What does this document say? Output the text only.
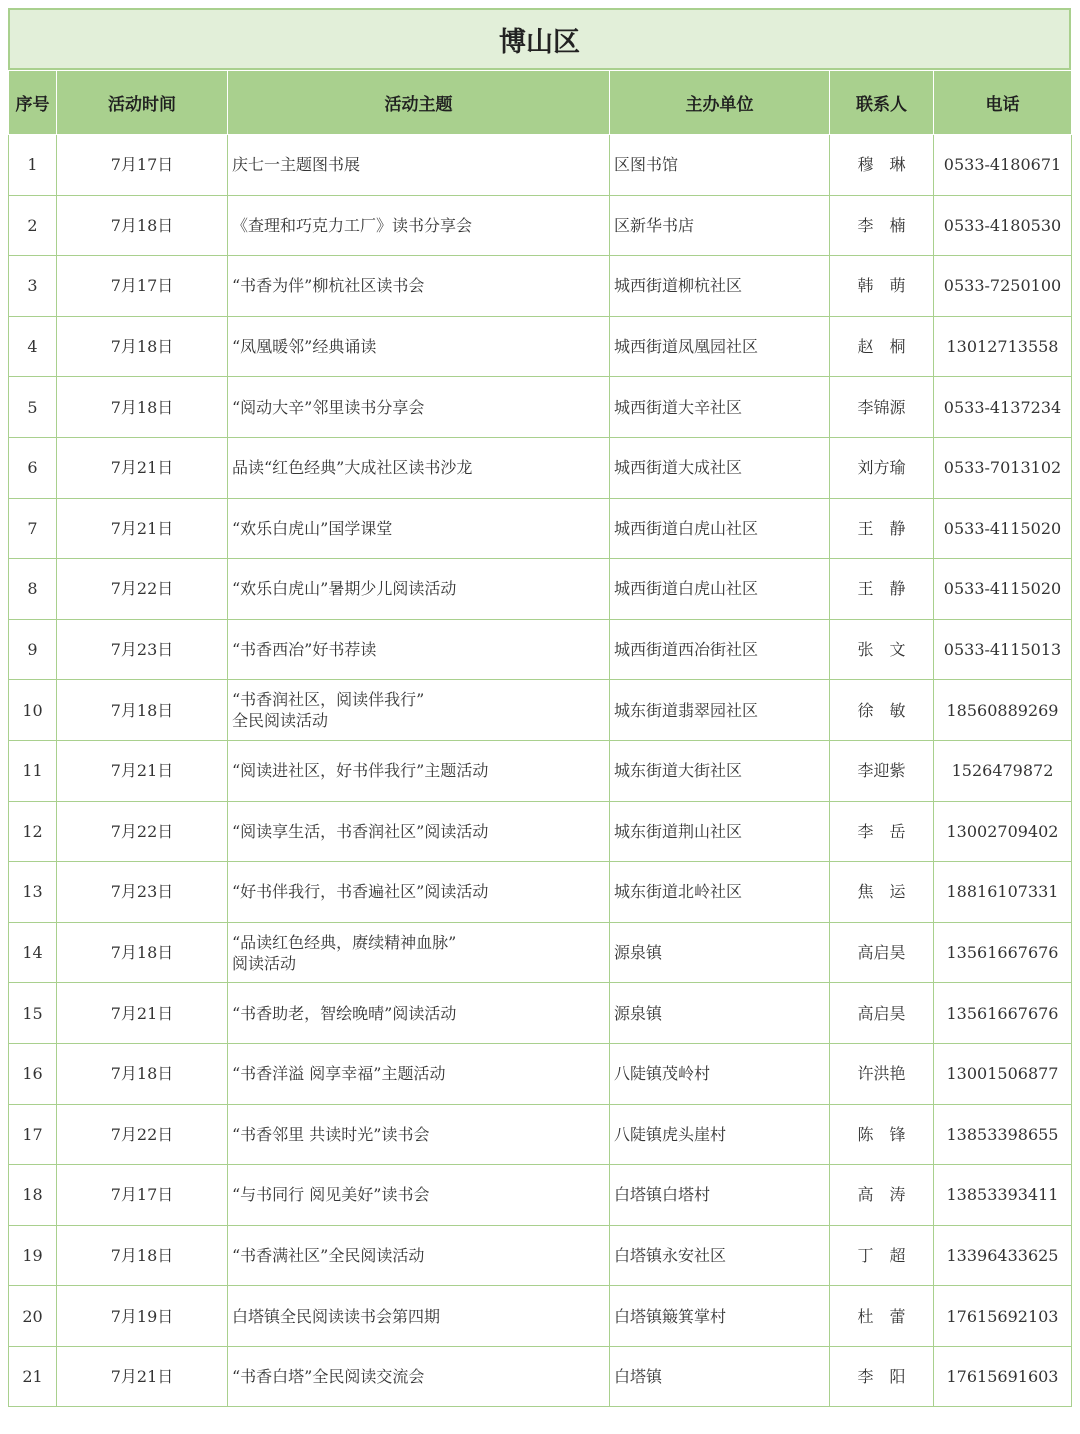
博山区
序号	活动时间	活动主题	主办单位	联系人	电话
1	7月17日	庆七一主题图书展	区图书馆	穆　琳	0533-4180671
2	7月18日	《查理和巧克力工厂》读书分享会	区新华书店	李　楠	0533-4180530
3	7月17日	“书香为伴”柳杭社区读书会	城西街道柳杭社区	韩　萌	0533-7250100
4	7月18日	“凤凰暖邻”经典诵读	城西街道凤凰园社区	赵　桐	13012713558
5	7月18日	“阅动大辛”邻里读书分享会	城西街道大辛社区	李锦源	0533-4137234
6	7月21日	品读“红色经典”大成社区读书沙龙	城西街道大成社区	刘方瑜	0533-7013102
7	7月21日	“欢乐白虎山”国学课堂	城西街道白虎山社区	王　静	0533-4115020
8	7月22日	“欢乐白虎山”暑期少儿阅读活动	城西街道白虎山社区	王　静	0533-4115020
9	7月23日	“书香西冶”好书荐读	城西街道西冶街社区	张　文	0533-4115013
10	7月18日	“书香润社区，阅读伴我行”
全民阅读活动	城东街道翡翠园社区	徐　敏	18560889269
11	7月21日	“阅读进社区，好书伴我行”主题活动	城东街道大街社区	李迎紫	1526479872
12	7月22日	“阅读享生活，书香润社区”阅读活动	城东街道荆山社区	李　岳	13002709402
13	7月23日	“好书伴我行，书香遍社区”阅读活动	城东街道北岭社区	焦　运	18816107331
14	7月18日	“品读红色经典，赓续精神血脉”
阅读活动	源泉镇	高启昊	13561667676
15	7月21日	“书香助老，智绘晚晴”阅读活动	源泉镇	高启昊	13561667676
16	7月18日	“书香洋溢 阅享幸福”主题活动	八陡镇茂岭村	许洪艳	13001506877
17	7月22日	“书香邻里 共读时光”读书会	八陡镇虎头崖村	陈　锋	13853398655
18	7月17日	“与书同行 阅见美好”读书会	白塔镇白塔村	高　涛	13853393411
19	7月18日	“书香满社区”全民阅读活动	白塔镇永安社区	丁　超	13396433625
20	7月19日	白塔镇全民阅读读书会第四期	白塔镇簸箕掌村	杜　蕾	17615692103
21	7月21日	“书香白塔”全民阅读交流会	白塔镇	李　阳	17615691603
